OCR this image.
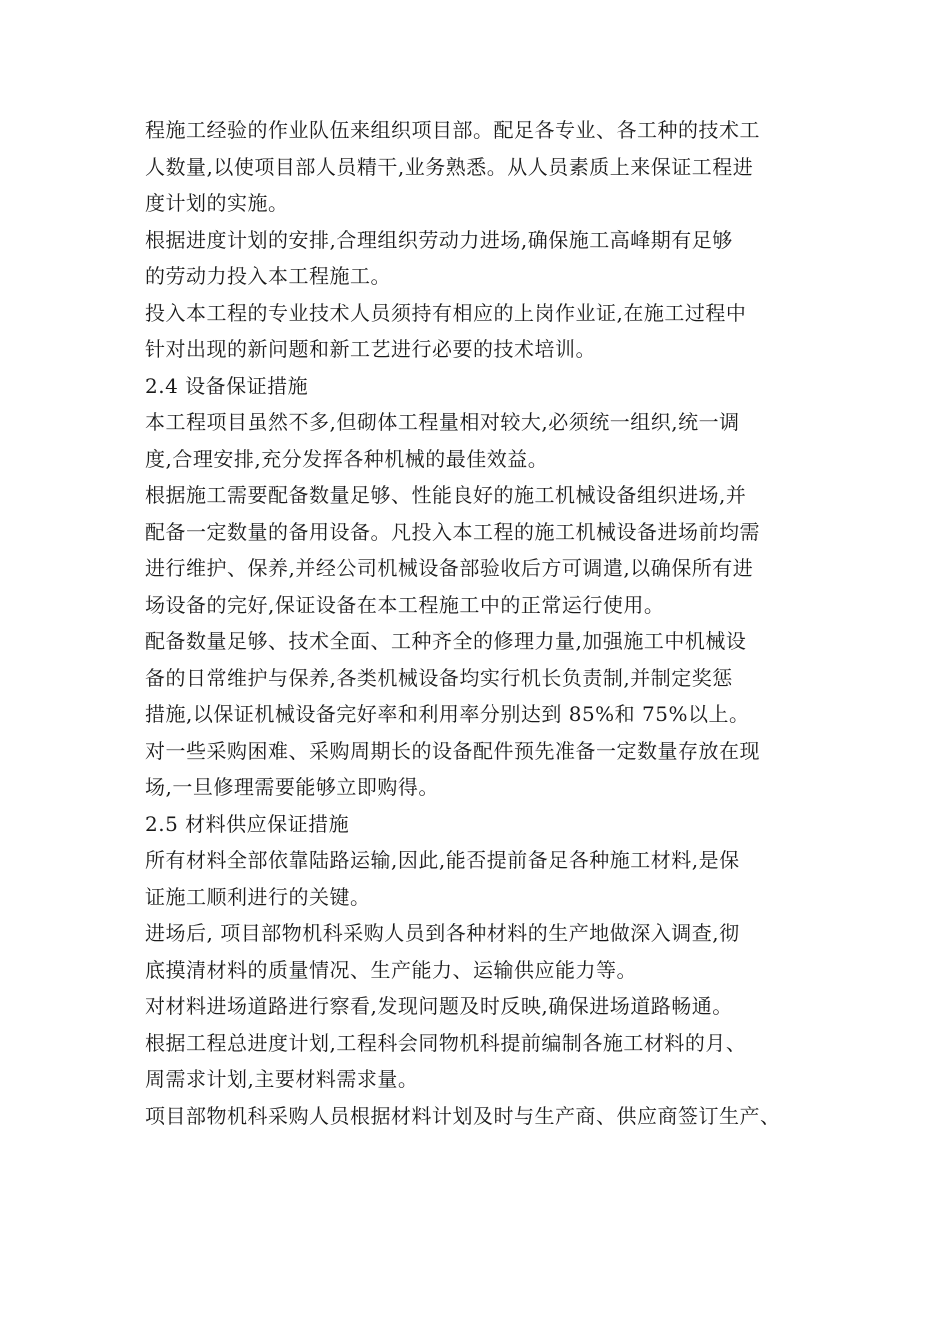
程施工经验的作业队伍来组织项目部。配足各专业、各工种的技术工
人数量,以使项目部人员精干,业务熟悉。从人员素质上来保证工程进
度计划的实施。
根据进度计划的安排,合理组织劳动力进场,确保施工高峰期有足够
的劳动力投入本工程施工。
投入本工程的专业技术人员须持有相应的上岗作业证,在施工过程中
针对出现的新问题和新工艺进行必要的技术培训。
2.4 设备保证措施
本工程项目虽然不多,但砌体工程量相对较大,必须统一组织,统一调
度,合理安排,充分发挥各种机械的最佳效益。
根据施工需要配备数量足够、性能良好的施工机械设备组织进场,并
配备一定数量的备用设备。凡投入本工程的施工机械设备进场前均需
进行维护、保养,并经公司机械设备部验收后方可调遣,以确保所有进
场设备的完好,保证设备在本工程施工中的正常运行使用。
配备数量足够、技术全面、工种齐全的修理力量,加强施工中机械设
备的日常维护与保养,各类机械设备均实行机长负责制,并制定奖惩
措施,以保证机械设备完好率和利用率分别达到 85%和 75%以上。
对一些采购困难、采购周期长的设备配件预先准备一定数量存放在现
场,一旦修理需要能够立即购得。
2.5 材料供应保证措施
所有材料全部依靠陆路运输,因此,能否提前备足各种施工材料,是保
证施工顺利进行的关键。
进场后, 项目部物机科采购人员到各种材料的生产地做深入调查,彻
底摸清材料的质量情况、生产能力、运输供应能力等。
对材料进场道路进行察看,发现问题及时反映,确保进场道路畅通。
根据工程总进度计划,工程科会同物机科提前编制各施工材料的月、
周需求计划,主要材料需求量。
项目部物机科采购人员根据材料计划及时与生产商、供应商签订生产、
